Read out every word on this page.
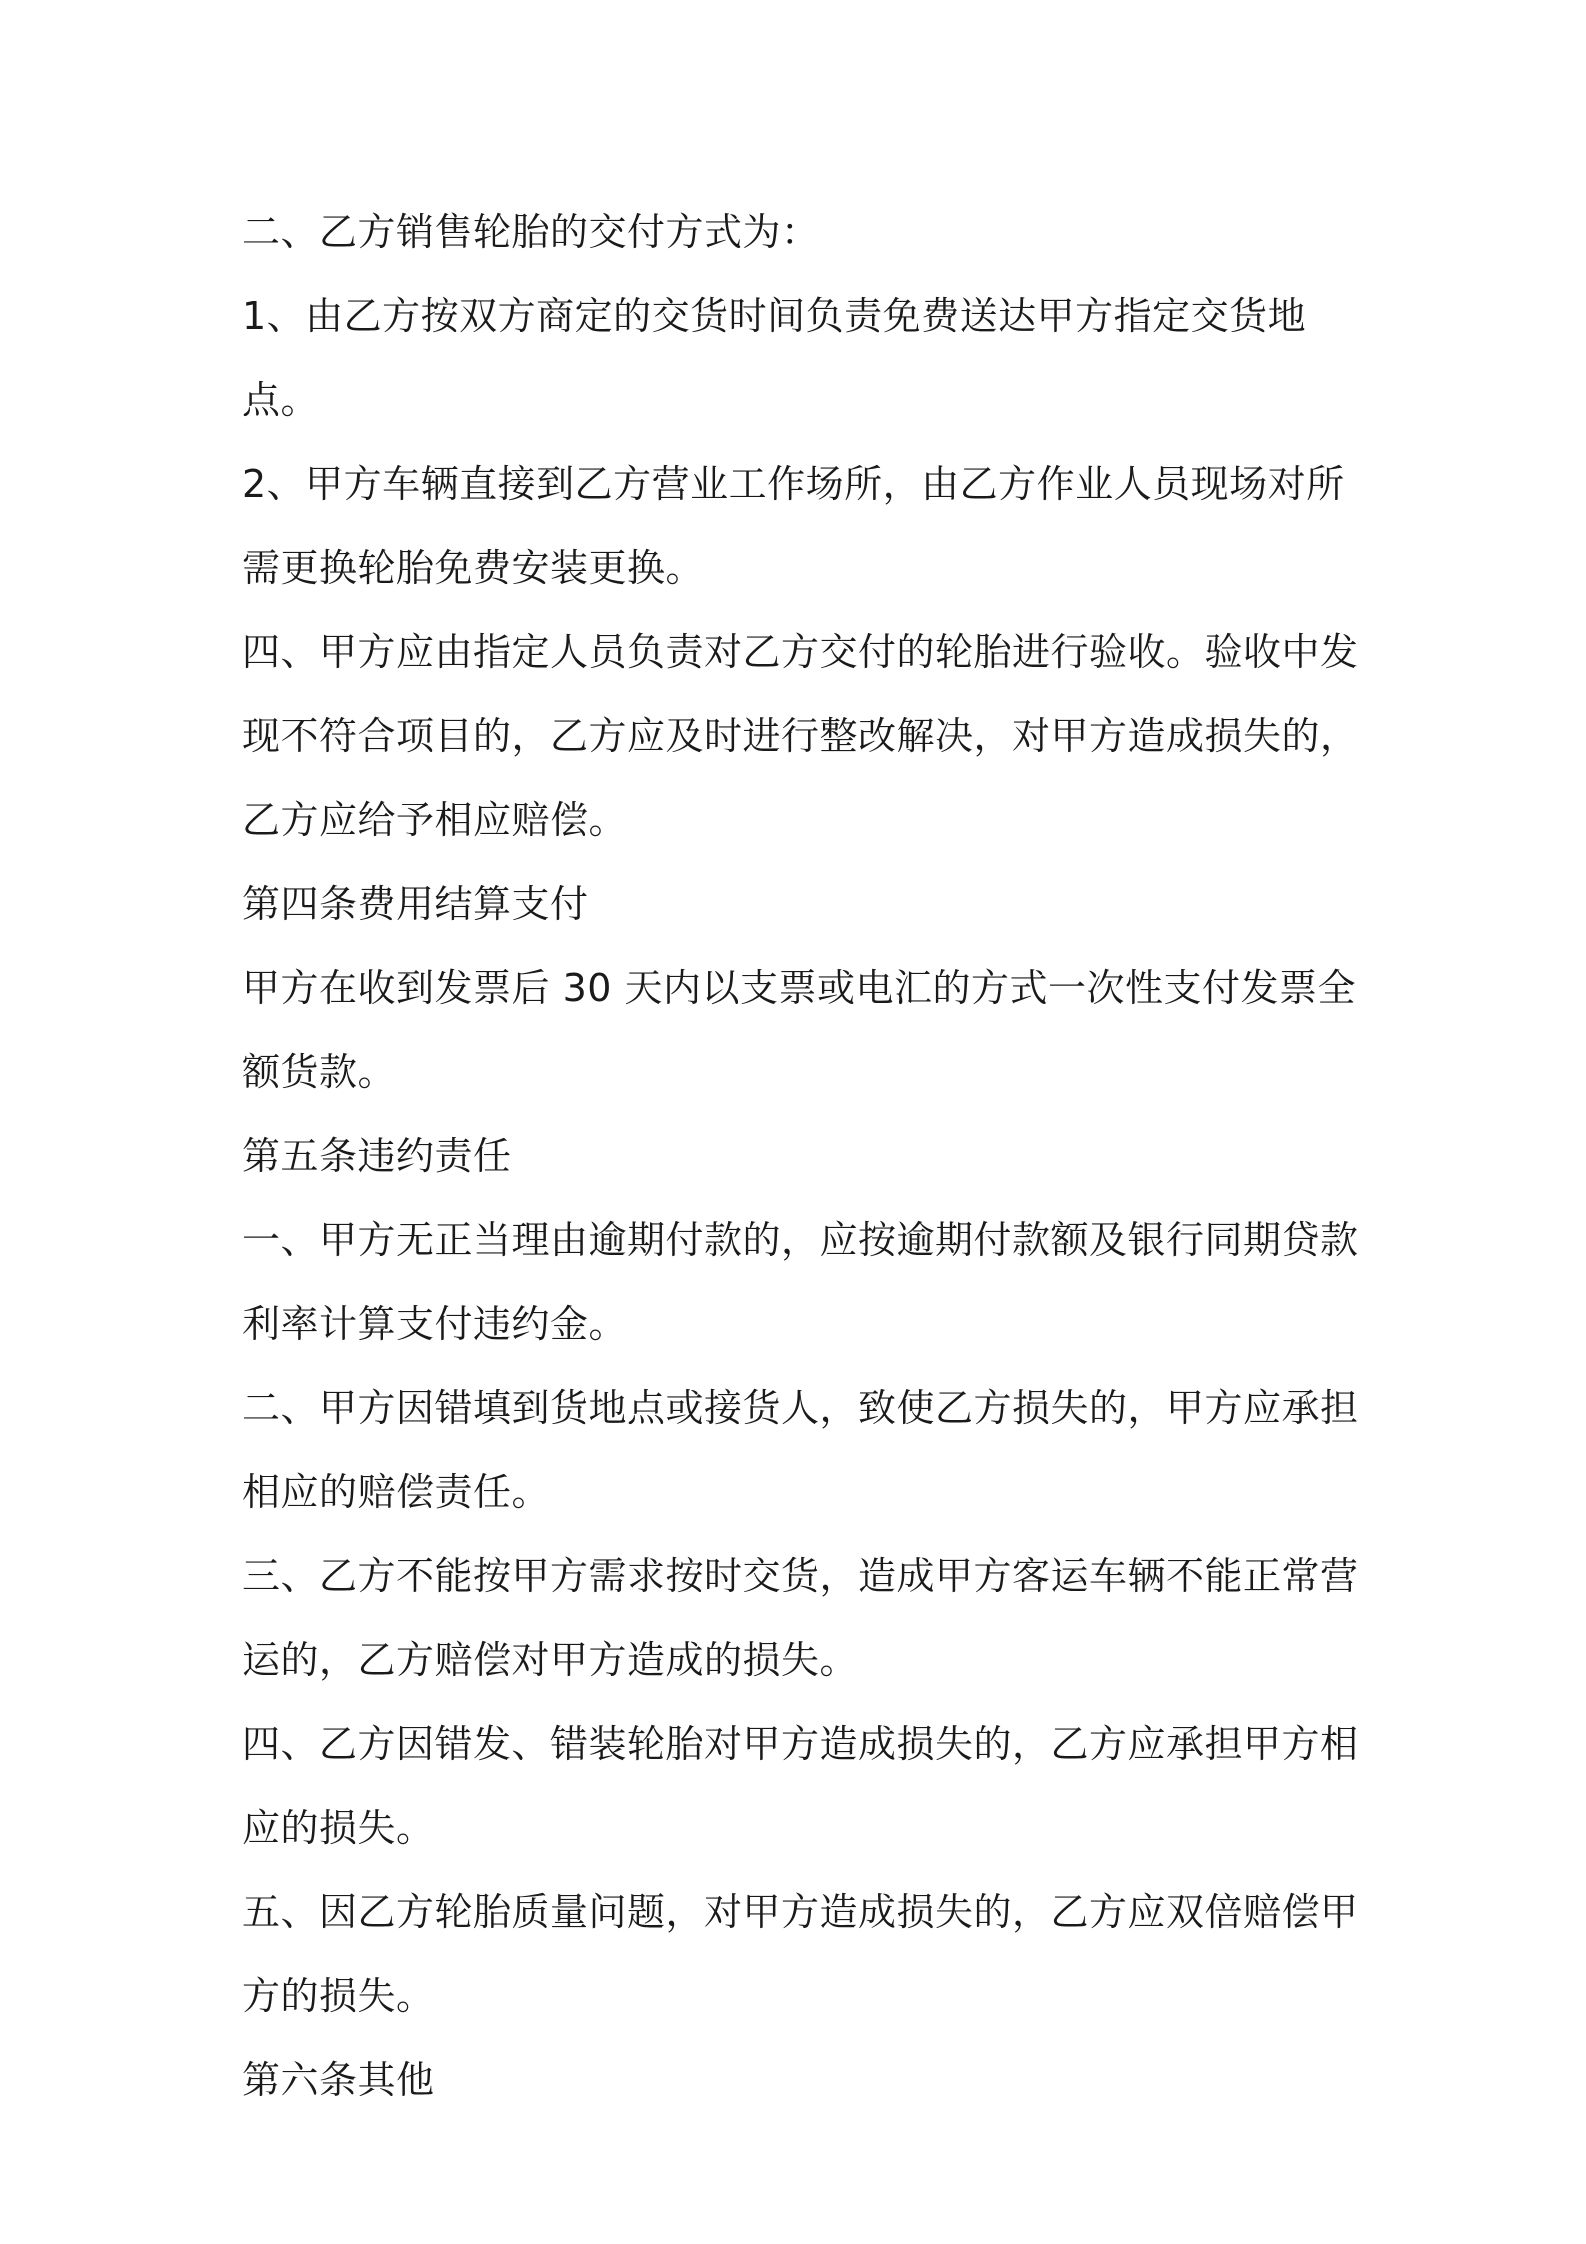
二、乙方销售轮胎的交付方式为：

1、由乙方按双方商定的交货时间负责免费送达甲方指定交货地点。

2、甲方车辆直接到乙方营业工作场所，由乙方作业人员现场对所需更换轮胎免费安装更换。

四、甲方应由指定人员负责对乙方交付的轮胎进行验收。验收中发现不符合项目的，乙方应及时进行整改解决，对甲方造成损失的，乙方应给予相应赔偿。

第四条费用结算支付

甲方在收到发票后 30 天内以支票或电汇的方式一次性支付发票全额货款。

第五条违约责任

一、甲方无正当理由逾期付款的，应按逾期付款额及银行同期贷款利率计算支付违约金。

二、甲方因错填到货地点或接货人，致使乙方损失的，甲方应承担相应的赔偿责任。

三、乙方不能按甲方需求按时交货，造成甲方客运车辆不能正常营运的，乙方赔偿对甲方造成的损失。

四、乙方因错发、错装轮胎对甲方造成损失的，乙方应承担甲方相应的损失。

五、因乙方轮胎质量问题，对甲方造成损失的，乙方应双倍赔偿甲方的损失。

第六条其他
